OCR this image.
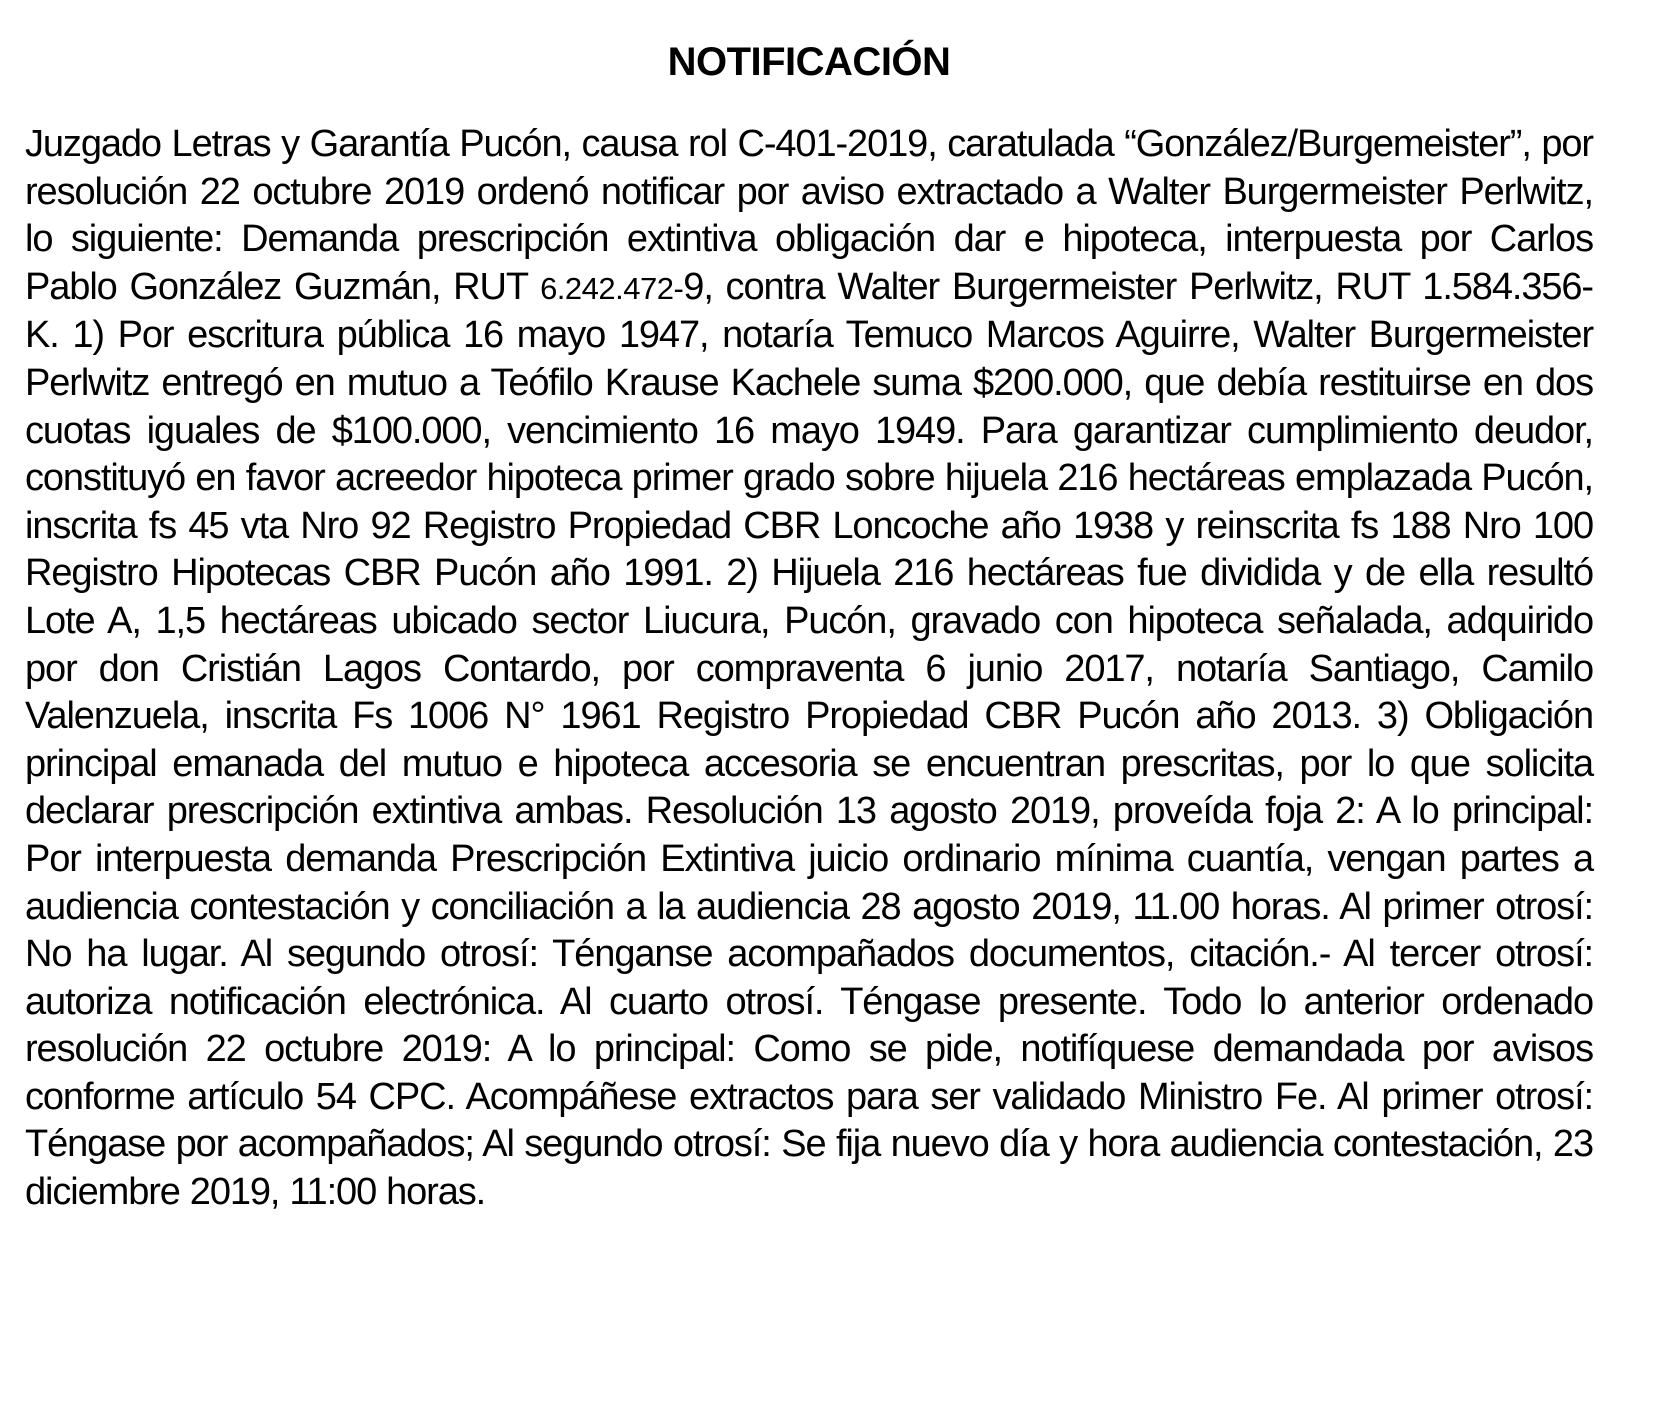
NOTIFICACIÓN

Juzgado Letras y Garantía Pucón, causa rol C-401-2019, caratulada “González/Burgemeister”, por resolución 22 octubre 2019 ordenó notificar por aviso extractado a Walter Burgermeister Perlwitz, lo siguiente: Demanda prescripción extintiva obligación dar e hipoteca, interpuesta por Carlos Pablo González Guzmán, RUT 6.242.472-9, contra Walter Burgermeister Perlwitz, RUT 1.584.356-K. 1) Por escritura pública 16 mayo 1947, notaría Temuco Marcos Aguirre, Walter Burgermeister Perlwitz entregó en mutuo a Teófilo Krause Kachele suma $200.000, que debía restituirse en dos cuotas iguales de $100.000, vencimiento 16 mayo 1949. Para garantizar cumplimiento deudor, constituyó en favor acreedor hipoteca primer grado sobre hijuela 216 hectáreas emplazada Pucón, inscrita fs 45 vta Nro 92 Registro Propiedad CBR Loncoche año 1938 y reinscrita fs 188 Nro 100 Registro Hipotecas CBR Pucón año 1991. 2) Hijuela 216 hectáreas fue dividida y de ella resultó Lote A, 1,5 hectáreas ubicado sector Liucura, Pucón, gravado con hipoteca señalada, adquirido por don Cristián Lagos Contardo, por compraventa 6 junio 2017, notaría Santiago, Camilo Valenzuela, inscrita Fs 1006 N° 1961 Registro Propiedad CBR Pucón año 2013. 3) Obligación principal emanada del mutuo e hipoteca accesoria se encuentran prescritas, por lo que solicita declarar prescripción extintiva ambas. Resolución 13 agosto 2019, proveída foja 2: A lo principal: Por interpuesta demanda Prescripción Extintiva juicio ordinario mínima cuantía, vengan partes a audiencia contestación y conciliación a la audiencia 28 agosto 2019, 11.00 horas. Al primer otrosí: No ha lugar. Al segundo otrosí: Ténganse acompañados documentos, citación.- Al tercer otrosí: autoriza notificación electrónica. Al cuarto otrosí. Téngase presente. Todo lo anterior ordenado resolución 22 octubre 2019: A lo principal: Como se pide, notifíquese demandada por avisos conforme artículo 54 CPC. Acompáñese extractos para ser validado Ministro Fe. Al primer otrosí: Téngase por acompañados; Al segundo otrosí: Se fija nuevo día y hora audiencia contestación, 23 diciembre 2019, 11:00 horas.
